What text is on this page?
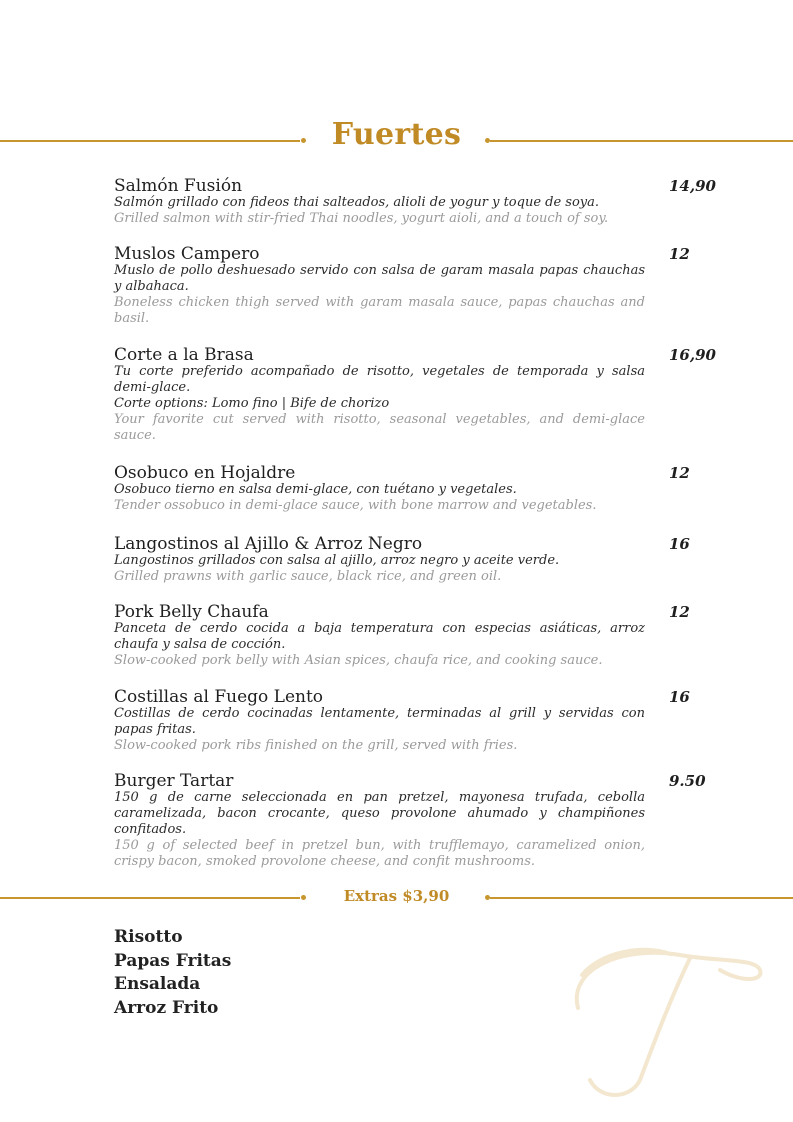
Fuertes
Salmón Fusión	14,90

Salmón grillado con fideos thai salteados, alioli de yogur y toque de soya.

Grilled salmon with stir-fried Thai noodles, yogurt aioli, and a touch of soy.

Muslos Campero	12

Muslo de pollo deshuesado servido con salsa de garam masala papas chauchas y albahaca.

Boneless chicken thigh served with garam masala sauce, papas chauchas and basil.

Corte a la Brasa	16,90

Tu corte preferido acompañado de risotto, vegetales de temporada y salsa demi-glace.

Corte options: Lomo fino | Bife de chorizo

Your favorite cut served with risotto, seasonal vegetables, and demi-glace sauce.

Osobuco en Hojaldre	12

Osobuco tierno en salsa demi-glace, con tuétano y vegetales.

Tender ossobuco in demi-glace sauce, with bone marrow and vegetables.

Langostinos al Ajillo & Arroz Negro	16

Langostinos grillados con salsa al ajillo, arroz negro y aceite verde.

Grilled prawns with garlic sauce, black rice, and green oil.

Pork Belly Chaufa	12

Panceta de cerdo cocida a baja temperatura con especias asiáticas, arroz chaufa y salsa de cocción.

Slow-cooked pork belly with Asian spices, chaufa rice, and cooking sauce.

Costillas al Fuego Lento	16

Costillas de cerdo cocinadas lentamente, terminadas al grill y servidas con papas fritas.

Slow-cooked pork ribs finished on the grill, served with fries.

Burger Tartar	9.50

150 g de carne seleccionada en pan pretzel, mayonesa trufada, cebolla caramelizada, bacon crocante, queso provolone ahumado y champiñones confitados.

150 g of selected beef in pretzel bun, with trufflemayo, caramelized onion, crispy bacon, smoked provolone cheese, and confit mushrooms.

Extras $3,90
Risotto
Papas Fritas
Ensalada
Arroz Frito
